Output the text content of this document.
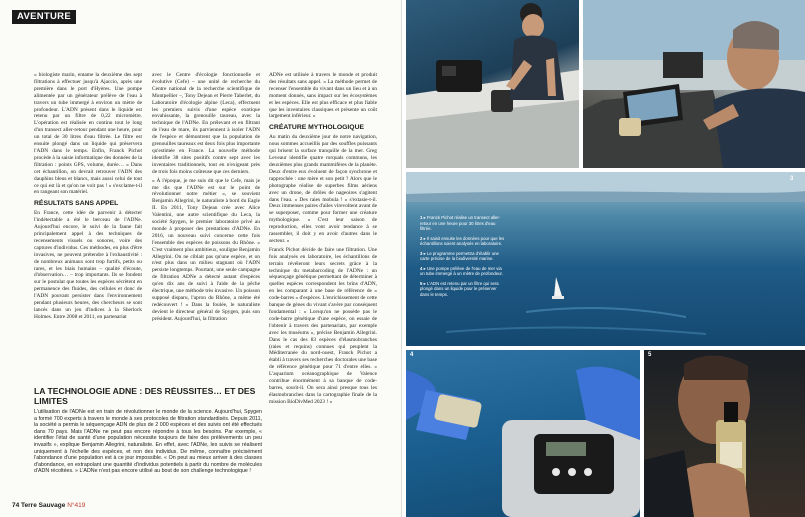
AVENTURE

« biologiste marin, entame la deuxième des sept filtrations à effectuer jusqu'à Ajaccio, après une première dans le port d'Hyères. Une pompe alimentée par un générateur prélève de l'eau à travers un tube immergé à environ un mètre de profondeur. L'ADN présent dans le liquide est retenu par un filtre de 0,22 micromètre. L'opération est réalisée en continu tout le long d'un transect aller-retour pendant une heure, pour un total de 30 litres d'eau filtrée. Le filtre est ensuite plongé dans un liquide qui préservera l'ADN dans le temps. Enfin, Franck Pichot procède à la saisie informatique des données de la filtration : points GPS, volume, durée… « Dans cet échantillon, on devrait retrouver l'ADN des dauphins bleus et blancs, mais aussi celui de tout ce qui est là et qu'on ne voit pas ! » s'exclame-t-il en rangeant son matériel.

RÉSULTATS SANS APPEL

En France, cette idée de parvenir à détecter l'indétectable a été le berceau de l'ADNe. Aujourd'hui encore, le suivi de la faune fait principalement appel à des techniques de recensements visuels ou sonores, voire des captures d'individus. Ces méthodes, en plus d'être invasives, ne peuvent prétendre à l'exhaustivité : de nombreux animaux sont trop furtifs, petits ou rares, et les biais humains – qualité d'écoute, d'observation… – trop importants. Ils se fondent sur le postulat que toutes les espèces sécrètent en permanence des fluides, des cellules et donc de l'ADN pouvant persister dans l'environnement pendant plusieurs heures, des chercheurs se sont lancés dans un jeu d'indices à la Sherlock Holmes. Entre 2008 et 2011, en partenariat

avec le Centre d'écologie fonctionnelle et évolutive (Cefe) – une unité de recherche du Centre national de la recherche scientifique de Montpellier –, Tony Dejean et Pierre Taberlet, du Laboratoire d'écologie alpine (Leca), effectuent les premiers suivis d'une espèce exotique envahissante, la grenouille taureau, avec la technique de l'ADNe. En prélevant et en filtrant de l'eau de mare, ils parviennent à isoler l'ADN de l'espèce et démontrent que la population de grenouilles taureaux est deux fois plus importante qu'estimée en France. La nouvelle méthode identifie 38 sites positifs contre sept avec les inventaires traditionnels, tout en n'exigeant près de trois fois moins coûteuse que ces derniers.

« À l'époque, je me suis dit que le Cefe, mais je me dis que l'ADNe est sur le point de révolutionner notre métier », se souvient Benjamin Allegrini, le naturaliste à bord du Eagle II. En 2011, Tony Dejean crée avec Alice Valentini, une autre scientifique du Leca, la société Spygen, le premier laboratoire privé au monde à proposer des prestations d'ADNe. En 2016, un nouveau suivi concerne cette fois l'ensemble des espèces de poissons du Rhône. « C'est vraiment plus ambitieux, souligne Benjamin Allegrini. On ne ciblait pas qu'une espèce, et on n'est plus dans un milieu stagnant où l'ADN persiste longtemps. Pourtant, une seule campagne de filtration ADNe a détecté autant d'espèces qu'en dix ans de suivi à l'aide de la pêche électrique, une méthode très invasive. Un poisson supposé disparu, l'apron du Rhône, a même été redécouvert ! » Dans la foulée, le naturaliste devient le directeur général de Spygen, puis son président. Aujourd'hui, la filtration

ADNe est utilisée à travers le monde et produit des résultats sans appel. « La méthode permet de recenser l'ensemble du vivant dans un lieu et à un moment donnés, sans impact sur les écosystèmes et les espèces. Elle est plus efficace et plus fiable que les inventaires classiques et présente un coût largement inférieur. »

CRÉATURE MYTHOLOGIQUE

Au matin du deuxième jour de notre navigation, nous sommes accueillis par des souffles puissants qui brisent la surface tranquille de la mer. Greg Leveaur identifie quatre rorquals communs, les deuxièmes plus grands mammifères de la planète. Deux d'entre eux évoluent de façon synchrone et rapprochée : une mère et son petit ? Alors que le photographe réalise de superbes films aériens avec un drone, de drôles de nageoires s'agitent dans l'eau. « Des raies mobula ! » s'extasie-t-il. Deux immenses paires d'ailes virevoltent avant de se superposer, comme pour former une créature mythologique. « C'est leur saison de reproduction, elles vont avoir tendance à se rassembler, il doit y en avoir d'autres dans le secteur. »

Franck Pichot décide de faire une filtration. Une fois analysés en laboratoire, les échantillons de terrain révéleront leurs secrets grâce à la technique du metabarcoding de l'ADNe : un séquençage génétique permettant de déterminer à quelles espèces correspondent les brins d'ADN, en les comparant à une base de référence de « code-barres » d'espèces. L'enrichissement de cette banque de gènes du vivant s'avère par conséquent fondamental : « Lorsqu'on ne possède pas le code-barre génétique d'une espèce, on essaie de l'obtenir à travers des partenariats, par exemple avec les muséums », précise Benjamin Allegrini. Dans le cas des 83 espèces d'élasmobranches (raies et requins) connues qui peuplent la Méditerranée du nord-ouest, Franck Pichot a établi à travers ses recherches doctorales une base de référence génétique pour 71 d'entre elles. « L'aquarium océanographique de Valence contribue énormément à sa banque de code-barres, sourit-il. On sera ainsi presque tous les élasmobranches dans la cartographie finale de la mission BioDivMed 2023 ! »

LA TECHNOLOGIE ADNE : DES RÉUSSITES… ET DES LIMITES
L'utilisation de l'ADNe est en train de révolutionner le monde de la science. Aujourd'hui, Spygen a formé 700 experts à travers le monde à ses protocoles de filtration standardisés. Depuis 2011, la société a permis le séquençage ADN de plus de 2 000 espèces et des suivis ont été effectués dans 70 pays. Mais l'ADNe ne peut pas encore répondre à tous les besoins. Par exemple, « identifier l'état de santé d'une population nécessite toujours de faire des prélèvements un peu invasifs », explique Benjamin Allegrini, naturaliste. En effet, avec l'ADNe, les suivis se réalisent uniquement à l'échelle des espèces, et non des individus. De même, connaître précisément l'abondance d'une population est à ce jour impossible. « On peut au mieux arriver à des classes d'abondance, en extrapolant une quantité d'individus potentiels à partir du nombre de molécules d'ADN récoltées. » L'ADNe n'est pas encore utilisé au bout de son challenge technologique !
74 Terre Sauvage N°419

1 ▸ Franck Pichot réalise un transect aller-retour en une heure pour 30 litres d'eau filtrée.

2 ▸ Il saisit ensuite les données pour que les échantillons soient analysés en laboratoire.

3 ▸ Le programme permettra d'établir une carte précise de la biodiversité marine.

4 ▸ Une pompe prélève de l'eau de mer via un tube immergé à un mètre de profondeur.

5 ▸ L'ADN est retenu par un filtre qui sera plongé dans un liquide pour le préserver dans le temps.

3
4	5
